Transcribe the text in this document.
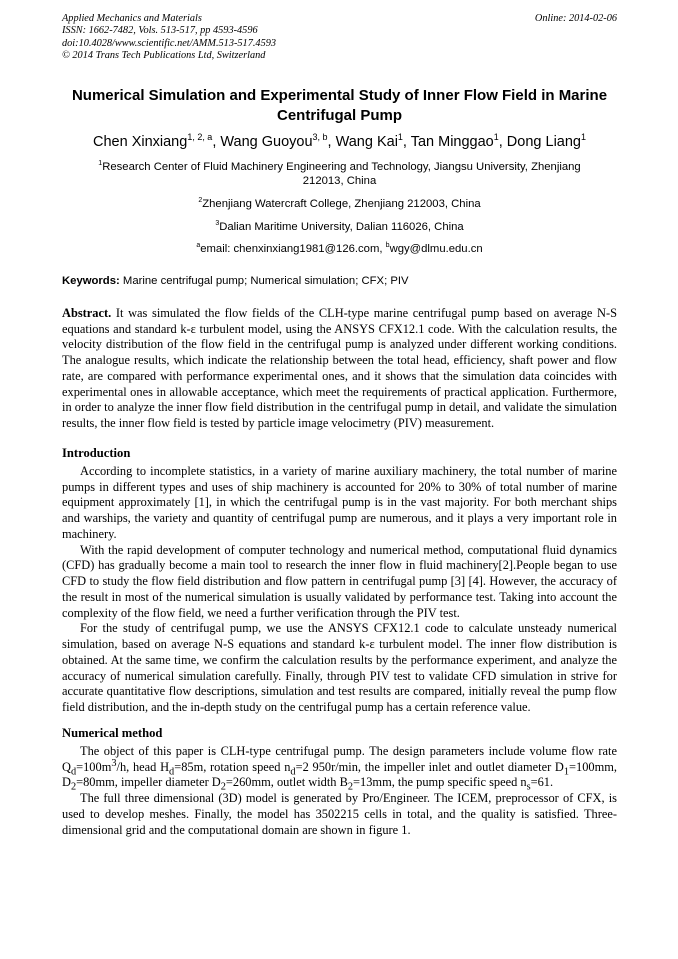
Applied Mechanics and Materials
ISSN: 1662-7482, Vols. 513-517, pp 4593-4596
doi:10.4028/www.scientific.net/AMM.513-517.4593
© 2014 Trans Tech Publications Ltd, Switzerland
Online: 2014-02-06
Numerical Simulation and Experimental Study of Inner Flow Field in Marine Centrifugal Pump

Chen Xinxiang$^{1, 2, a}$, Wang Guoyou$^{3, b}$, Wang Kai$^1$, Tan Minggao$^1$, Dong Liang$^1$

$^1$Research Center of Fluid Machinery Engineering and Technology, Jiangsu University, Zhenjiang 212013, China

$^2$Zhenjiang Watercraft College, Zhenjiang 212003, China

$^3$Dalian Maritime University, Dalian 116026, China

$^a$email: chenxinxiang1981@126.com, $^b$wgy@dlmu.edu.cn

Keywords: Marine centrifugal pump; Numerical simulation; CFX; PIV

Abstract. It was simulated the flow fields of the CLH-type marine centrifugal pump based on average N-S equations and standard k-ε turbulent model, using the ANSYS CFX12.1 code. With the calculation results, the velocity distribution of the flow field in the centrifugal pump is analyzed under different working conditions. The analogue results, which indicate the relationship between the total head, efficiency, shaft power and flow rate, are compared with performance experimental ones, and it shows that the simulation data coincides with experimental ones in allowable acceptance, which meet the requirements of practical application. Furthermore, in order to analyze the inner flow field distribution in the centrifugal pump in detail, and validate the simulation results, the inner flow field is tested by particle image velocimetry (PIV) measurement.

Introduction

According to incomplete statistics, in a variety of marine auxiliary machinery, the total number of marine pumps in different types and uses of ship machinery is accounted for 20% to 30% of total number of marine equipment approximately [1], in which the centrifugal pump is in the vast majority. For both merchant ships and warships, the variety and quantity of centrifugal pump are numerous, and it plays a very important role in machinery.

With the rapid development of computer technology and numerical method, computational fluid dynamics (CFD) has gradually become a main tool to research the inner flow in fluid machinery[2].People began to use CFD to study the flow field distribution and flow pattern in centrifugal pump [3] [4]. However, the accuracy of the result in most of the numerical simulation is usually validated by performance test. Taking into account the complexity of the flow field, we need a further verification through the PIV test.

For the study of centrifugal pump, we use the ANSYS CFX12.1 code to calculate unsteady numerical simulation, based on average N-S equations and standard k-ε turbulent model. The inner flow distribution is obtained. At the same time, we confirm the calculation results by the performance experiment, and analyze the accuracy of numerical simulation carefully. Finally, through PIV test to validate CFD simulation in strive for accurate quantitative flow descriptions, simulation and test results are compared, initially reveal the pump flow field distribution, and the in-depth study on the centrifugal pump has a certain reference value.

Numerical method

The object of this paper is CLH-type centrifugal pump. The design parameters include volume flow rate $Q_d=100m^3/h$, head $H_d=85m$, rotation speed $n_d=2$ 950r/min, the impeller inlet and outlet diameter $D_1=100mm$, $D_2=80mm$, impeller diameter $D_2=260mm$, outlet width $B_2=13mm$, the pump specific speed $n_s=61$.

The full three dimensional (3D) model is generated by Pro/Engineer. The ICEM, preprocessor of CFX, is used to develop meshes. Finally, the model has 3502215 cells in total, and the quality is satisfied. Three-dimensional grid and the computational domain are shown in figure 1.
